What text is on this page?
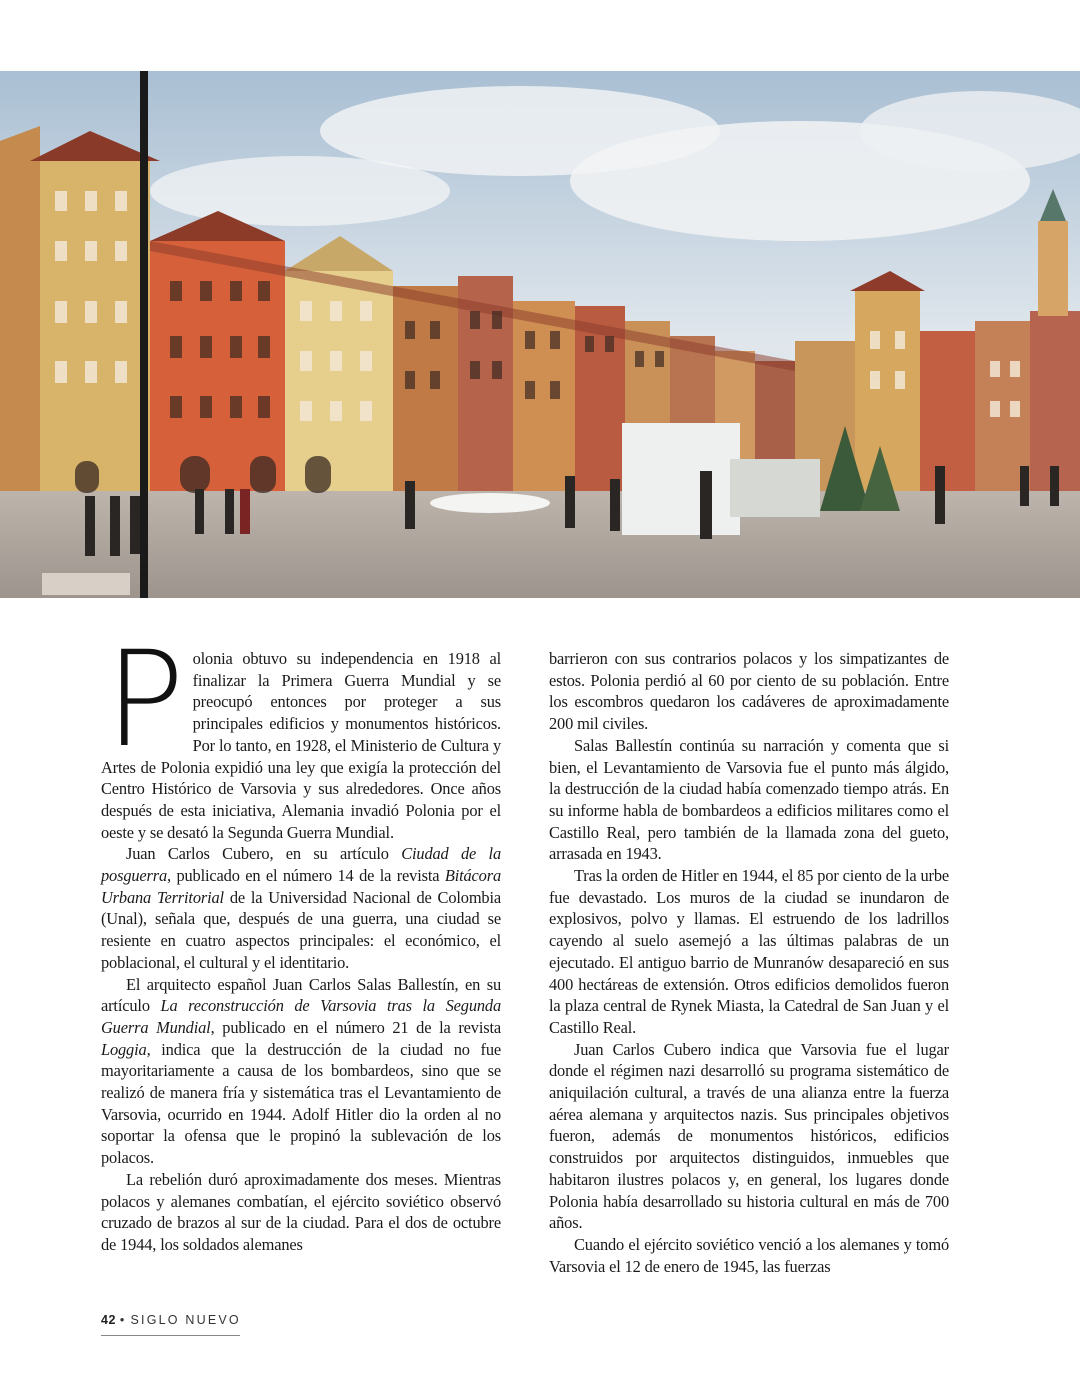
Polonia obtuvo su independencia en 1918 al finalizar la Primera Guerra Mundial y se preocupó entonces por proteger a sus principales edificios y monumentos históricos. Por lo tanto, en 1928, el Ministerio de Cultura y Artes de Polonia expidió una ley que exigía la protección del Centro Histórico de Varsovia y sus alrededores. Once años después de esta iniciativa, Alemania invadió Polonia por el oeste y se desató la Segunda Guerra Mundial.

Juan Carlos Cubero, en su artículo Ciudad de la posguerra, publicado en el número 14 de la revista Bitácora Urbana Territorial de la Universidad Nacional de Colombia (Unal), señala que, después de una guerra, una ciudad se resiente en cuatro aspectos principales: el económico, el poblacional, el cultural y el identitario.

El arquitecto español Juan Carlos Salas Ballestín, en su artículo La reconstrucción de Varsovia tras la Segunda Guerra Mundial, publicado en el número 21 de la revista Loggia, indica que la destrucción de la ciudad no fue mayoritariamente a causa de los bombardeos, sino que se realizó de manera fría y sistemática tras el Levantamiento de Varsovia, ocurrido en 1944. Adolf Hitler dio la orden al no soportar la ofensa que le propinó la sublevación de los polacos.

La rebelión duró aproximadamente dos meses. Mientras polacos y alemanes combatían, el ejército soviético observó cruzado de brazos al sur de la ciudad. Para el dos de octubre de 1944, los soldados alemanes

barrieron con sus contrarios polacos y los simpatizantes de estos. Polonia perdió al 60 por ciento de su población. Entre los escombros quedaron los cadáveres de aproximadamente 200 mil civiles.

Salas Ballestín continúa su narración y comenta que si bien, el Levantamiento de Varsovia fue el punto más álgido, la destrucción de la ciudad había comenzado tiempo atrás. En su informe habla de bombardeos a edificios militares como el Castillo Real, pero también de la llamada zona del gueto, arrasada en 1943.

Tras la orden de Hitler en 1944, el 85 por ciento de la urbe fue devastado. Los muros de la ciudad se inundaron de explosivos, polvo y llamas. El estruendo de los ladrillos cayendo al suelo asemejó a las últimas palabras de un ejecutado. El antiguo barrio de Munranów desapareció en sus 400 hectáreas de extensión. Otros edificios demolidos fueron la plaza central de Rynek Miasta, la Catedral de San Juan y el Castillo Real.

Juan Carlos Cubero indica que Varsovia fue el lugar donde el régimen nazi desarrolló su programa sistemático de aniquilación cultural, a través de una alianza entre la fuerza aérea alemana y arquitectos nazis. Sus principales objetivos fueron, además de monumentos históricos, edificios construidos por arquitectos distinguidos, inmuebles que habitaron ilustres polacos y, en general, los lugares donde Polonia había desarrollado su historia cultural en más de 700 años.

Cuando el ejército soviético venció a los alemanes y tomó Varsovia el 12 de enero de 1945, las fuerzas

42 • SIGLO NUEVO
